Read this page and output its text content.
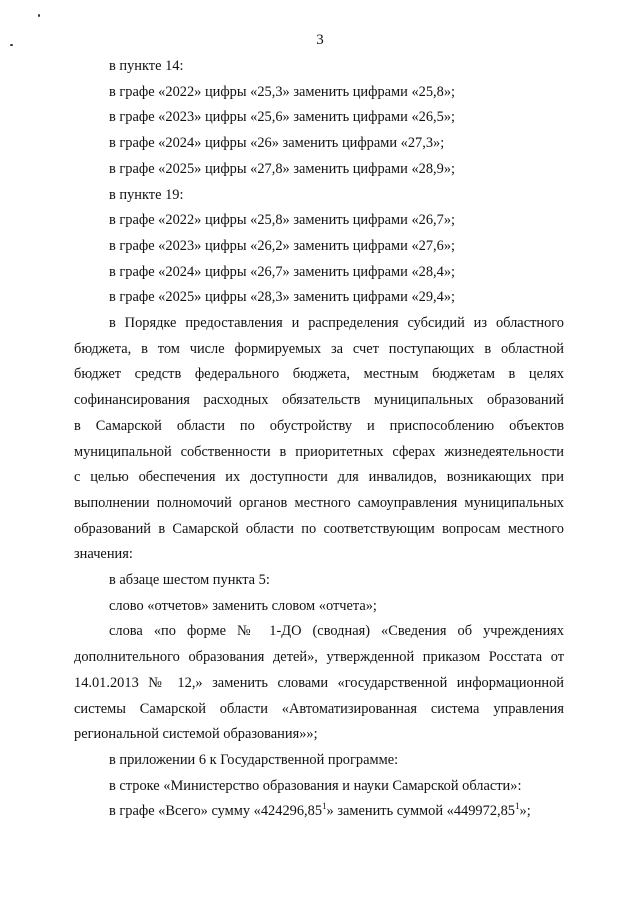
3
в пункте 14:
в графе «2022» цифры «25,3» заменить цифрами «25,8»;
в графе «2023» цифры «25,6» заменить цифрами «26,5»;
в графе «2024» цифры «26» заменить цифрами «27,3»;
в графе «2025» цифры «27,8» заменить цифрами «28,9»;
в пункте 19:
в графе «2022» цифры «25,8» заменить цифрами «26,7»;
в графе «2023» цифры «26,2» заменить цифрами «27,6»;
в графе «2024» цифры «26,7» заменить цифрами «28,4»;
в графе «2025» цифры «28,3» заменить цифрами «29,4»;
в Порядке предоставления и распределения субсидий из областного
бюджета, в том числе формируемых за счет поступающих в областной
бюджет средств федерального бюджета, местным бюджетам в целях
софинансирования расходных обязательств муниципальных образований
в Самарской области по обустройству и приспособлению объектов
муниципальной собственности в приоритетных сферах жизнедеятельности
с целью обеспечения их доступности для инвалидов, возникающих при
выполнении полномочий органов местного самоуправления муниципальных
образований в Самарской области по соответствующим вопросам местного
значения:
в абзаце шестом пункта 5:
слово «отчетов» заменить словом «отчета»;
слова «по форме № 1-ДО (сводная) «Сведения об учреждениях
дополнительного образования детей», утвержденной приказом Росстата от
14.01.2013 № 12,» заменить словами «государственной информационной
системы Самарской области «Автоматизированная система управления
региональной системой образования»»;
в приложении 6 к Государственной программе:
в строке «Министерство образования и науки Самарской области»:
в графе «Всего» сумму «424296,85$^1$» заменить суммой «449972,85$^1$»;
